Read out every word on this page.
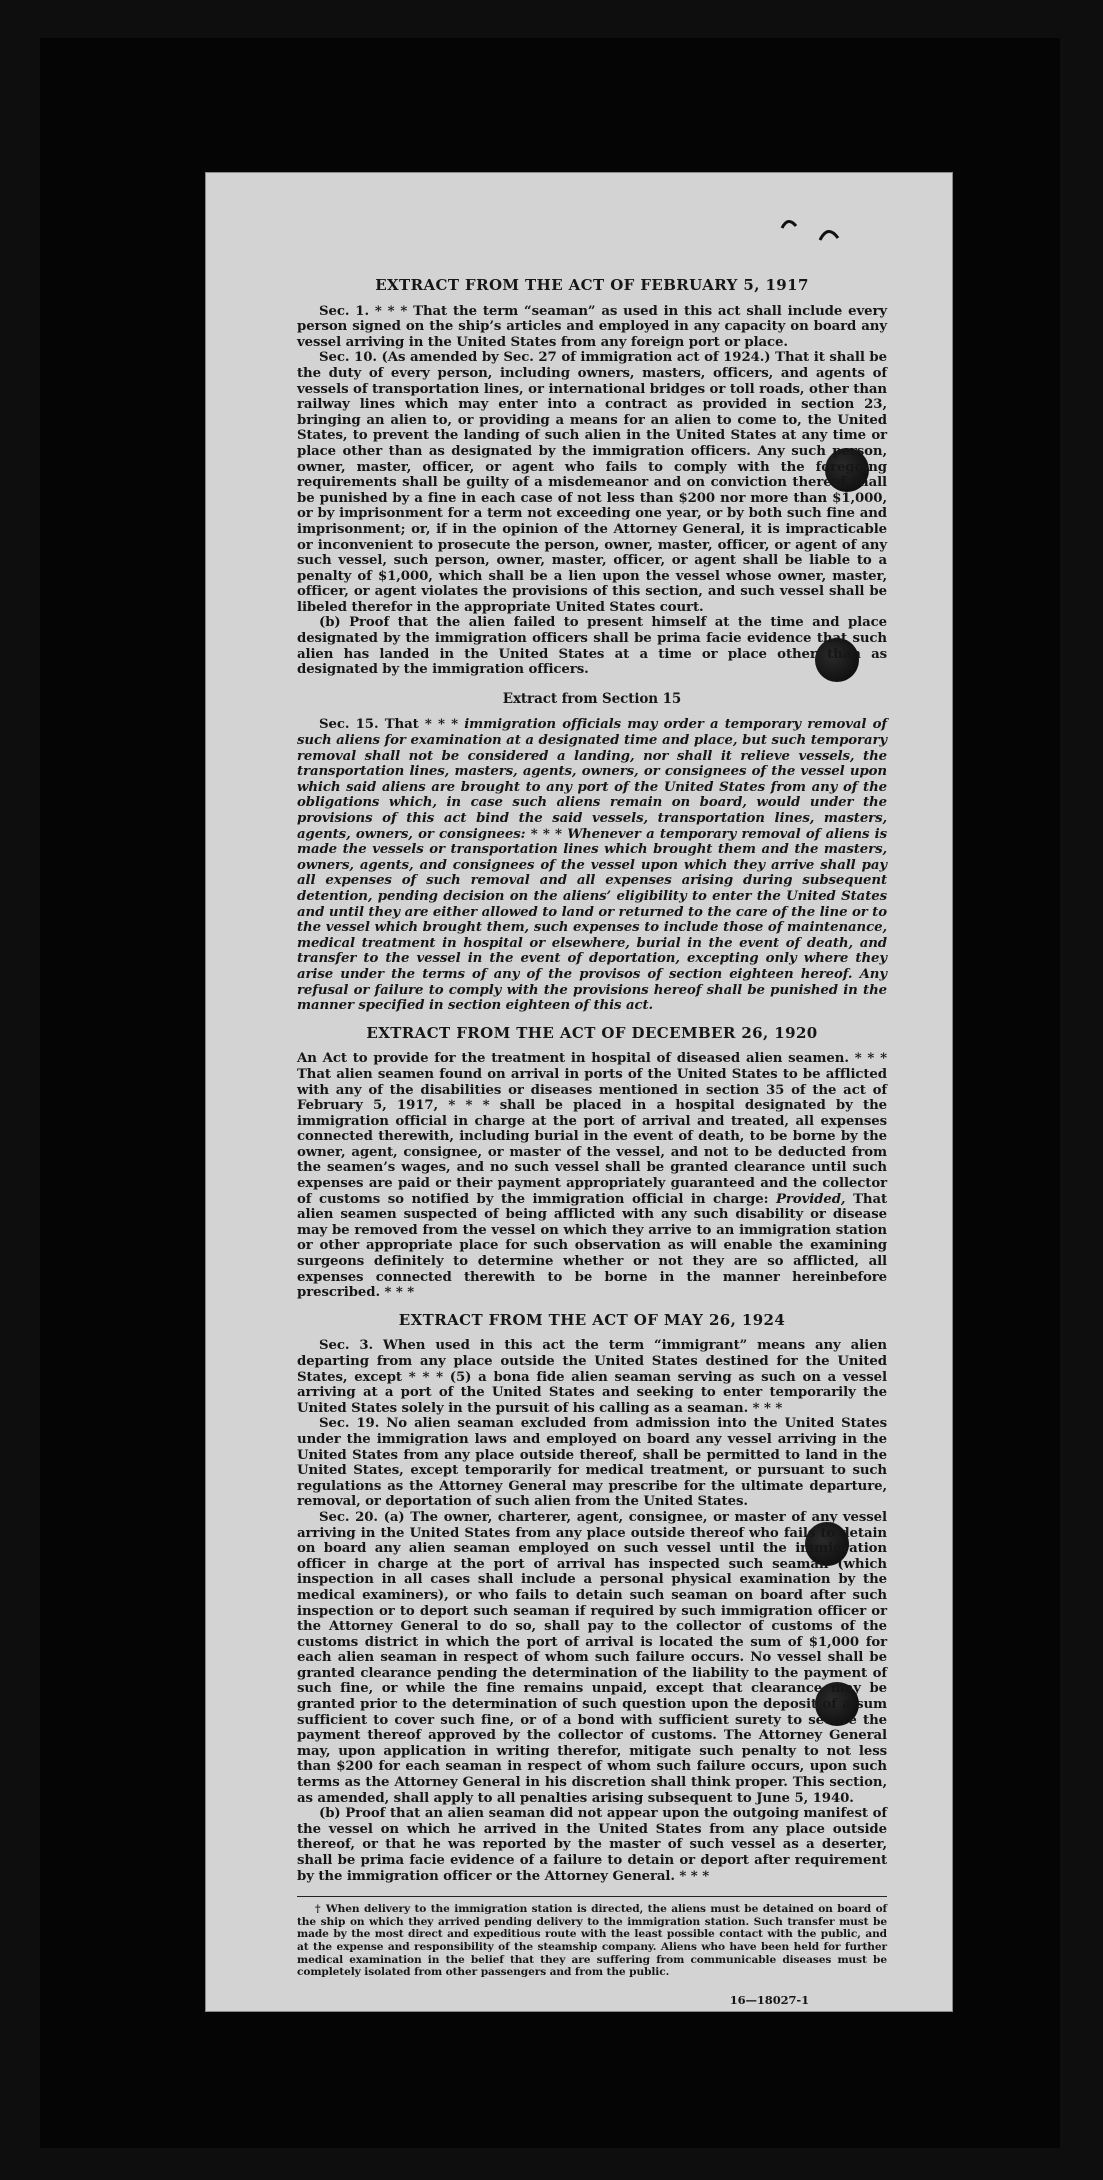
EXTRACT FROM THE ACT OF FEBRUARY 5, 1917

Sec. 1. * * * That the term “seaman” as used in this act shall include every person signed on the ship’s articles and employed in any capacity on board any vessel arriving in the United States from any foreign port or place.

Sec. 10. (As amended by Sec. 27 of immigration act of 1924.) That it shall be the duty of every person, including owners, masters, officers, and agents of vessels of transportation lines, or international bridges or toll roads, other than railway lines which may enter into a contract as provided in section 23, bringing an alien to, or providing a means for an alien to come to, the United States, to prevent the landing of such alien in the United States at any time or place other than as designated by the immigration officers. Any such person, owner, master, officer, or agent who fails to comply with the foregoing requirements shall be guilty of a misdemeanor and on conviction thereof shall be punished by a fine in each case of not less than $200 nor more than $1,000, or by imprisonment for a term not exceeding one year, or by both such fine and imprisonment; or, if in the opinion of the Attorney General, it is impracticable or inconvenient to prosecute the person, owner, master, officer, or agent of any such vessel, such person, owner, master, officer, or agent shall be liable to a penalty of $1,000, which shall be a lien upon the vessel whose owner, master, officer, or agent violates the provisions of this section, and such vessel shall be libeled therefor in the appropriate United States court.

(b) Proof that the alien failed to present himself at the time and place designated by the immigration officers shall be prima facie evidence that such alien has landed in the United States at a time or place other than as designated by the immigration officers.

Extract from Section 15

Sec. 15. That * * * immigration officials may order a temporary removal of such aliens for examination at a designated time and place, but such temporary removal shall not be considered a landing, nor shall it relieve vessels, the transportation lines, masters, agents, owners, or consignees of the vessel upon which said aliens are brought to any port of the United States from any of the obligations which, in case such aliens remain on board, would under the provisions of this act bind the said vessels, transportation lines, masters, agents, owners, or consignees: * * * Whenever a temporary removal of aliens is made the vessels or transportation lines which brought them and the masters, owners, agents, and consignees of the vessel upon which they arrive shall pay all expenses of such removal and all expenses arising during subsequent detention, pending decision on the aliens’ eligibility to enter the United States and until they are either allowed to land or returned to the care of the line or to the vessel which brought them, such expenses to include those of maintenance, medical treatment in hospital or elsewhere, burial in the event of death, and transfer to the vessel in the event of deportation, excepting only where they arise under the terms of any of the provisos of section eighteen hereof. Any refusal or failure to comply with the provisions hereof shall be punished in the manner specified in section eighteen of this act.

EXTRACT FROM THE ACT OF DECEMBER 26, 1920

An Act to provide for the treatment in hospital of diseased alien seamen. * * * That alien seamen found on arrival in ports of the United States to be afflicted with any of the disabilities or diseases mentioned in section 35 of the act of February 5, 1917, * * * shall be placed in a hospital designated by the immigration official in charge at the port of arrival and treated, all expenses connected therewith, including burial in the event of death, to be borne by the owner, agent, consignee, or master of the vessel, and not to be deducted from the seamen’s wages, and no such vessel shall be granted clearance until such expenses are paid or their payment appropriately guaranteed and the collector of customs so notified by the immigration official in charge: Provided, That alien seamen suspected of being afflicted with any such disability or disease may be removed from the vessel on which they arrive to an immigration station or other appropriate place for such observation as will enable the examining surgeons definitely to determine whether or not they are so afflicted, all expenses connected therewith to be borne in the manner hereinbefore prescribed. * * *

EXTRACT FROM THE ACT OF MAY 26, 1924

Sec. 3. When used in this act the term “immigrant” means any alien departing from any place outside the United States destined for the United States, except * * * (5) a bona fide alien seaman serving as such on a vessel arriving at a port of the United States and seeking to enter temporarily the United States solely in the pursuit of his calling as a seaman. * * *

Sec. 19. No alien seaman excluded from admission into the United States under the immigration laws and employed on board any vessel arriving in the United States from any place outside thereof, shall be permitted to land in the United States, except temporarily for medical treatment, or pursuant to such regulations as the Attorney General may prescribe for the ultimate departure, removal, or deportation of such alien from the United States.

Sec. 20. (a) The owner, charterer, agent, consignee, or master of any vessel arriving in the United States from any place outside thereof who fails to detain on board any alien seaman employed on such vessel until the immigration officer in charge at the port of arrival has inspected such seaman (which inspection in all cases shall include a personal physical examination by the medical examiners), or who fails to detain such seaman on board after such inspection or to deport such seaman if required by such immigration officer or the Attorney General to do so, shall pay to the collector of customs of the customs district in which the port of arrival is located the sum of $1,000 for each alien seaman in respect of whom such failure occurs. No vessel shall be granted clearance pending the determination of the liability to the payment of such fine, or while the fine remains unpaid, except that clearance may be granted prior to the determination of such question upon the deposit of a sum sufficient to cover such fine, or of a bond with sufficient surety to secure the payment thereof approved by the collector of customs. The Attorney General may, upon application in writing therefor, mitigate such penalty to not less than $200 for each seaman in respect of whom such failure occurs, upon such terms as the Attorney General in his discretion shall think proper. This section, as amended, shall apply to all penalties arising subsequent to June 5, 1940.

(b) Proof that an alien seaman did not appear upon the outgoing manifest of the vessel on which he arrived in the United States from any place outside thereof, or that he was reported by the master of such vessel as a deserter, shall be prima facie evidence of a failure to detain or deport after requirement by the immigration officer or the Attorney General. * * *

† When delivery to the immigration station is directed, the aliens must be detained on board of the ship on which they arrived pending delivery to the immigration station. Such transfer must be made by the most direct and expeditious route with the least possible contact with the public, and at the expense and responsibility of the steamship company. Aliens who have been held for further medical examination in the belief that they are suffering from communicable diseases must be completely isolated from other passengers and from the public.

16—18027-1
